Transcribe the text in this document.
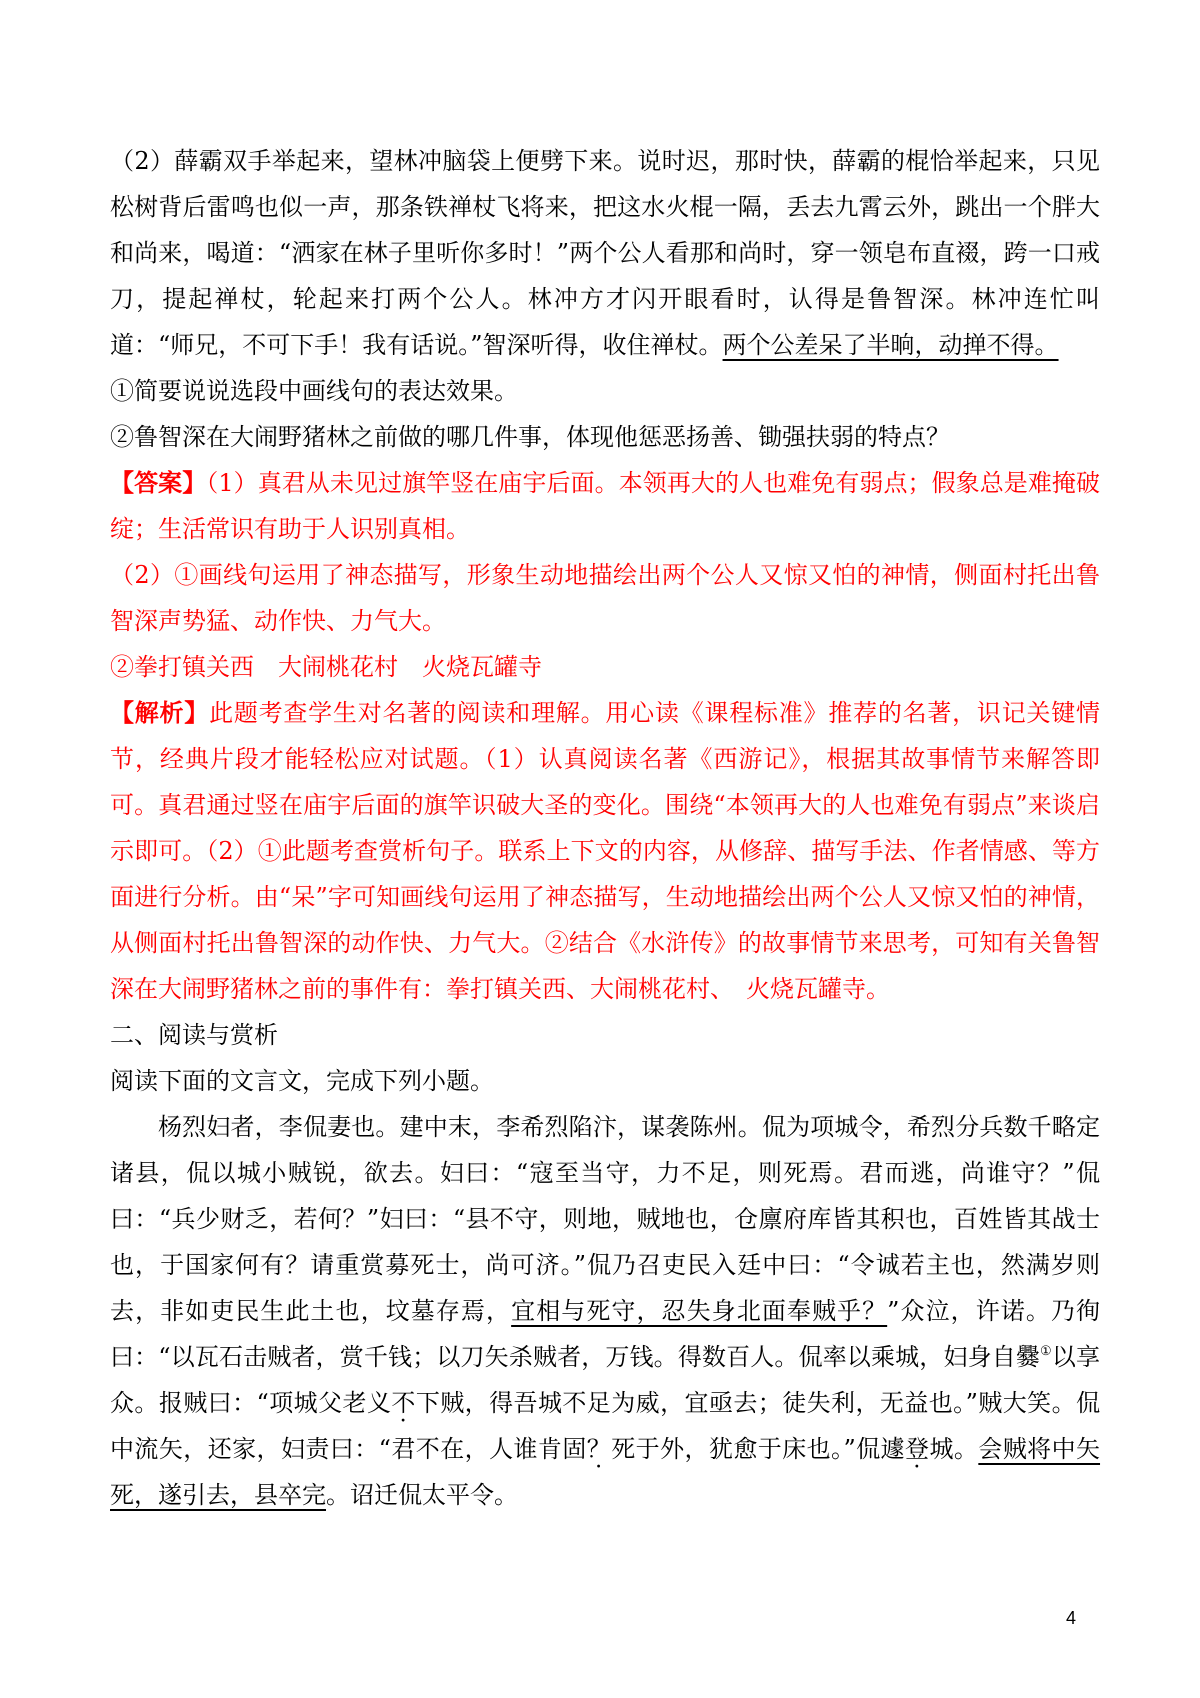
（2）薛霸双手举起来，望林冲脑袋上便劈下来。说时迟，那时快，薛霸的棍恰举起来，只见松树背后雷鸣也似一声，那条铁禅杖飞将来，把这水火棍一隔，丢去九霄云外，跳出一个胖大和尚来，喝道：“洒家在林子里听你多时！”两个公人看那和尚时，穿一领皂布直裰，跨一口戒刀，提起禅杖，轮起来打两个公人。林冲方才闪开眼看时，认得是鲁智深。林冲连忙叫道：“师兄，不可下手！我有话说。”智深听得，收住禅杖。两个公差呆了半晌，动掸不得。

①简要说说选段中画线句的表达效果。

②鲁智深在大闹野猪林之前做的哪几件事，体现他惩恶扬善、锄强扶弱的特点？

【答案】（1）真君从未见过旗竿竖在庙宇后面。本领再大的人也难免有弱点；假象总是难掩破绽；生活常识有助于人识别真相。

（2）①画线句运用了神态描写，形象生动地描绘出两个公人又惊又怕的神情，侧面村托出鲁智深声势猛、动作快、力气大。

②拳打镇关西　大闹桃花村　火烧瓦罐寺

【解析】此题考查学生对名著的阅读和理解。用心读《课程标准》推荐的名著，识记关键情节，经典片段才能轻松应对试题。（1）认真阅读名著《西游记》，根据其故事情节来解答即可。真君通过竖在庙宇后面的旗竿识破大圣的变化。围绕“本领再大的人也难免有弱点”来谈启示即可。（2）①此题考查赏析句子。联系上下文的内容，从修辞、描写手法、作者情感、等方面进行分析。由“呆”字可知画线句运用了神态描写，生动地描绘出两个公人又惊又怕的神情，从侧面村托出鲁智深的动作快、力气大。②结合《水浒传》的故事情节来思考，可知有关鲁智深在大闹野猪林之前的事件有：拳打镇关西、大闹桃花村、　火烧瓦罐寺。

二、阅读与赏析

阅读下面的文言文，完成下列小题。

杨烈妇者，李侃妻也。建中末，李希烈陷汴，谋袭陈州。侃为项城令，希烈分兵数千略定诸县，侃以城小贼锐，欲去。妇曰：“寇至当守，力不足，则死焉。君而逃，尚谁守？”侃曰：“兵少财乏，若何？”妇曰：“县不守，则地，贼地也，仓廪府库皆其积也，百姓皆其战士也，于国家何有？请重赏募死士，尚可济。”侃乃召吏民入廷中曰：“令诚若主也，然满岁则去，非如吏民生此土也，坟墓存焉，宜相与死守，忍失身北面奉贼乎？”众泣，许诺。乃徇曰：“以瓦石击贼者，赏千钱；以刀矢杀贼者，万钱。得数百人。侃率以乘城，妇身自爨①以享众。报贼曰：“项城父老义不下贼，得吾城不足为威，宜亟去；徒失利，无益也。”贼大笑。侃中流矢，还家，妇责曰：“君不在，人谁肯固？死于外，犹愈于床也。”侃遽登城。会贼将中矢死，遂引去，县卒完。诏迁侃太平令。

4
